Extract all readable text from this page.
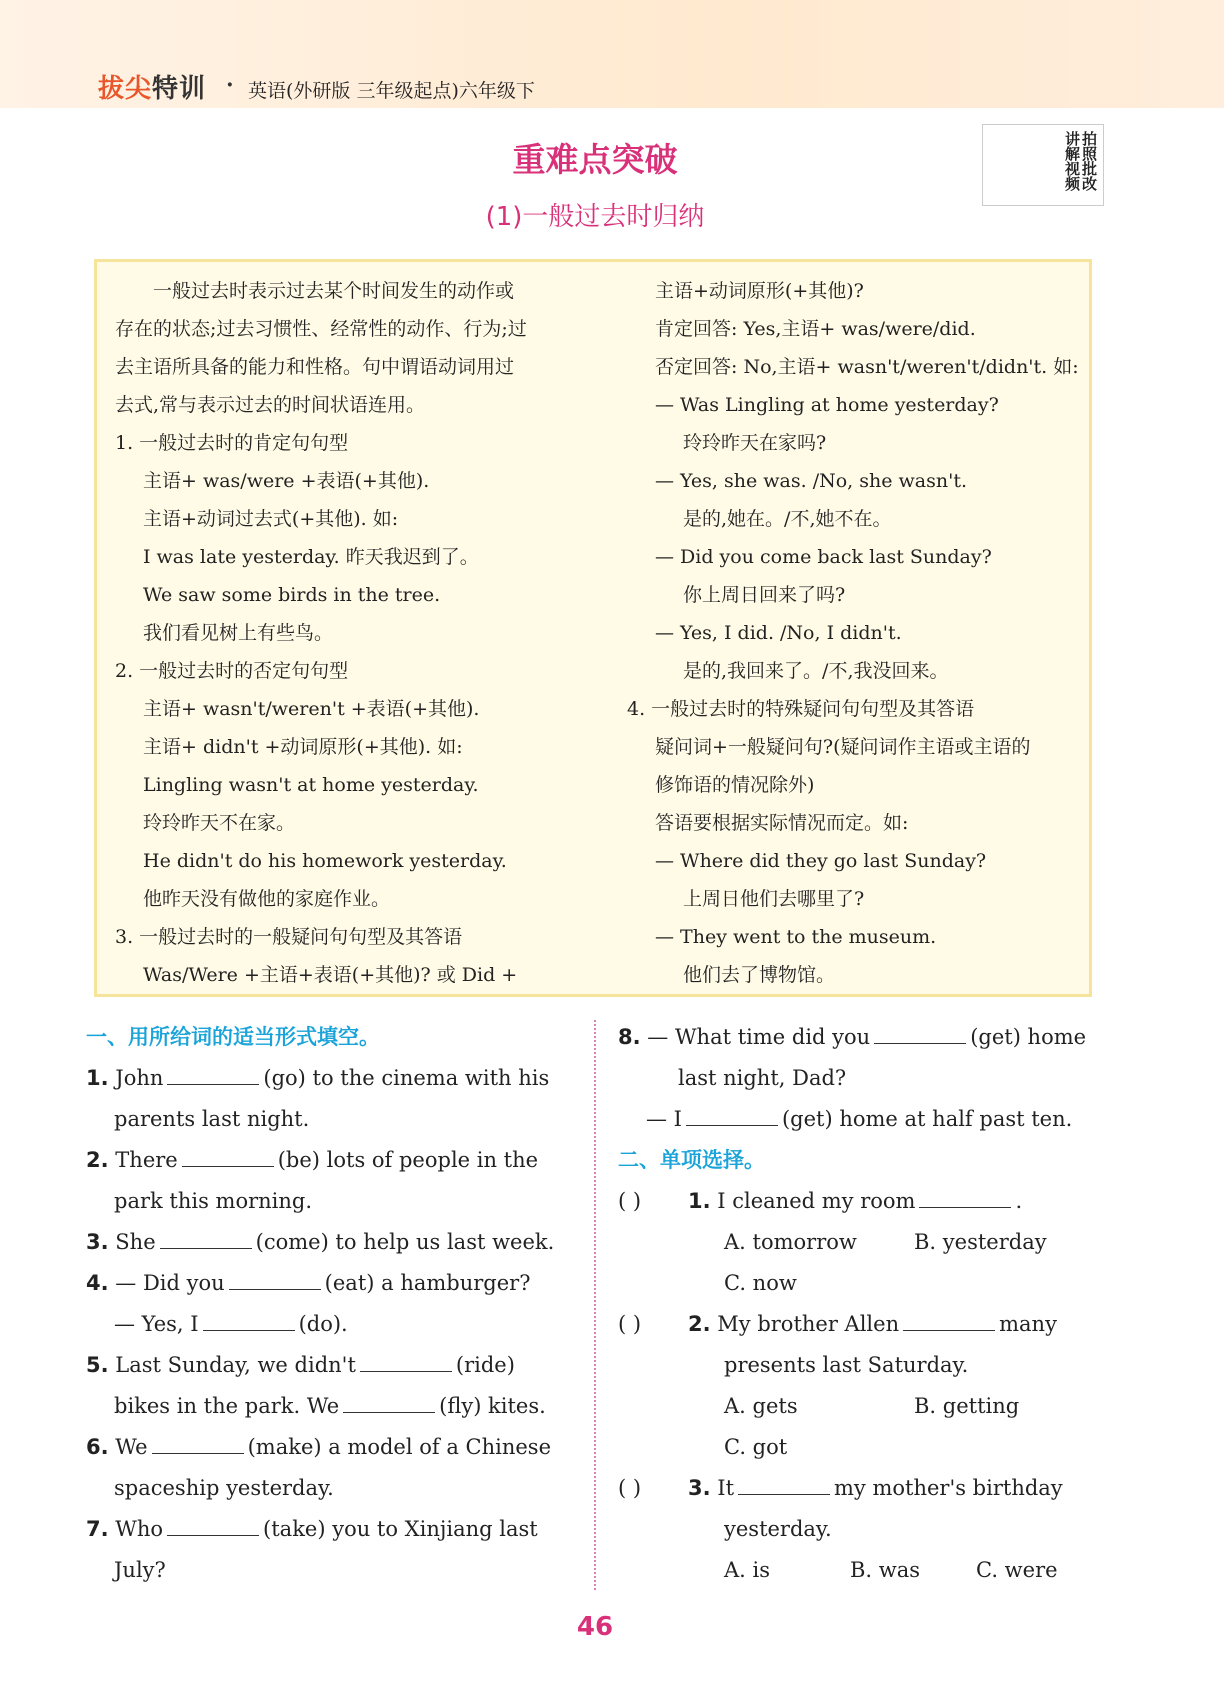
拔尖特训 · 英语(外研版 三年级起点)六年级下
重难点突破
(1)一般过去时归纳
拍照批改讲解视频
一般过去时表示过去某个时间发生的动作或
存在的状态;过去习惯性、经常性的动作、行为;过
去主语所具备的能力和性格。句中谓语动词用过
去式,常与表示过去的时间状语连用。
1. 一般过去时的肯定句句型
主语+ was/were +表语(+其他).
主语+动词过去式(+其他). 如:
I was late yesterday. 昨天我迟到了。
We saw some birds in the tree.
我们看见树上有些鸟。
2. 一般过去时的否定句句型
主语+ wasn't/weren't +表语(+其他).
主语+ didn't +动词原形(+其他). 如:
Lingling wasn't at home yesterday.
玲玲昨天不在家。
He didn't do his homework yesterday.
他昨天没有做他的家庭作业。
3. 一般过去时的一般疑问句句型及其答语
Was/Were +主语+表语(+其他)? 或 Did +
主语+动词原形(+其他)?
肯定回答: Yes,主语+ was/were/did.
否定回答: No,主语+ wasn't/weren't/didn't. 如:
— Was Lingling at home yesterday?
玲玲昨天在家吗?
— Yes, she was. /No, she wasn't.
是的,她在。/不,她不在。
— Did you come back last Sunday?
你上周日回来了吗?
— Yes, I did. /No, I didn't.
是的,我回来了。/不,我没回来。
4. 一般过去时的特殊疑问句句型及其答语
疑问词+一般疑问句?(疑问词作主语或主语的
修饰语的情况除外)
答语要根据实际情况而定。如:
— Where did they go last Sunday?
上周日他们去哪里了?
— They went to the museum.
他们去了博物馆。
一、用所给词的适当形式填空。
1. John	(go) to the cinema with his
parents last night.
2. There	(be) lots of people in the
park this morning.
3. She	(come) to help us last week.
4. — Did you	(eat) a hamburger?
— Yes, I	(do).
5. Last Sunday, we didn't	(ride)
bikes in the park. We	(fly) kites.
6. We	(make) a model of a Chinese
spaceship yesterday.
7. Who	(take) you to Xinjiang last
July?
8. — What time did you	(get) home
last night, Dad?
— I	(get) home at half past ten.
二、单项选择。
( ) 1. I cleaned my room	.
A. tomorrow	B. yesterday
C. now
( ) 2. My brother Allen	many
presents last Saturday.
A. gets	B. getting
C. got
( ) 3. It	my mother's birthday
yesterday.
A. is	B. was	C. were
46
